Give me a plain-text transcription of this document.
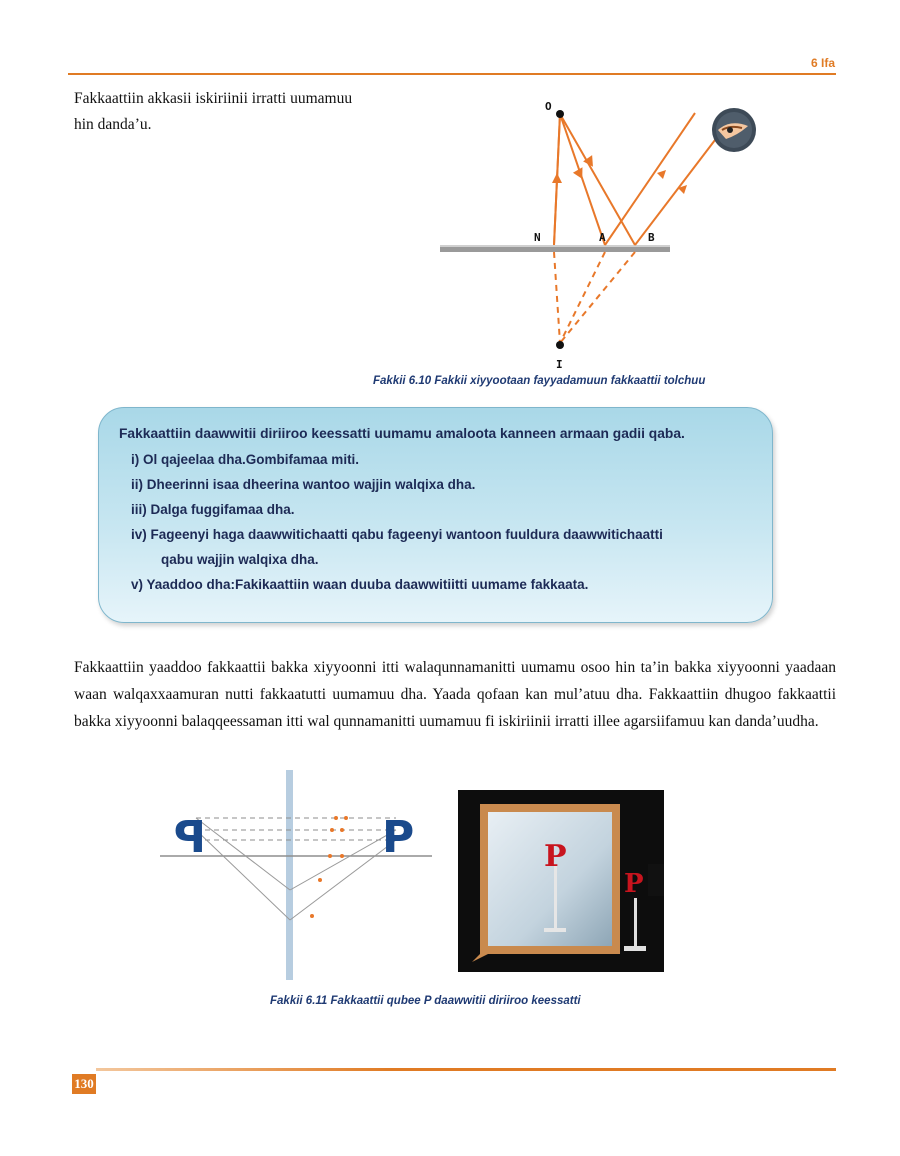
6 Ifa

Fakkaattiin akkasii iskiriinii irratti uumamuu hin danda’u.

O
N	A	B
I
Fakkii 6.10 Fakkii xiyyootaan fayyadamuun fakkaattii tolchuu

Fakkaattiin daawwitii diriiroo keessatti uumamu amaloota kanneen armaan gadii qaba.

i) Ol qajeelaa dha.Gombifamaa miti.
ii) Dheerinni isaa dheerina wantoo wajjin walqixa dha.
iii) Dalga fuggifamaa dha.
iv) Fageenyi haga daawwitichaatti qabu fageenyi wantoon fuuldura daawwitichaatti
qabu wajjin walqixa dha.
v) Yaaddoo dha:Fakikaattiin waan duuba daawwitiitti uumame fakkaata.

Fakkaattiin yaaddoo fakkaattii bakka xiyyoonni itti walaqunnamanitti uumamu osoo hin ta’in bakka xiyyoonni yaadaan waan walqaxxaamuran nutti fakkaatutti uumamuu dha. Yaada qofaan kan mul’atuu dha. Fakkaattiin dhugoo fakkaattii bakka xiyyoonni balaqqeessaman itti wal qunnamanitti uumamuu fi iskiriinii irratti illee agarsiifamuu kan danda’uudha.

P	P	P
P
Fakkii 6.11 Fakkaattii qubee P daawwitii diriiroo keessatti
130
